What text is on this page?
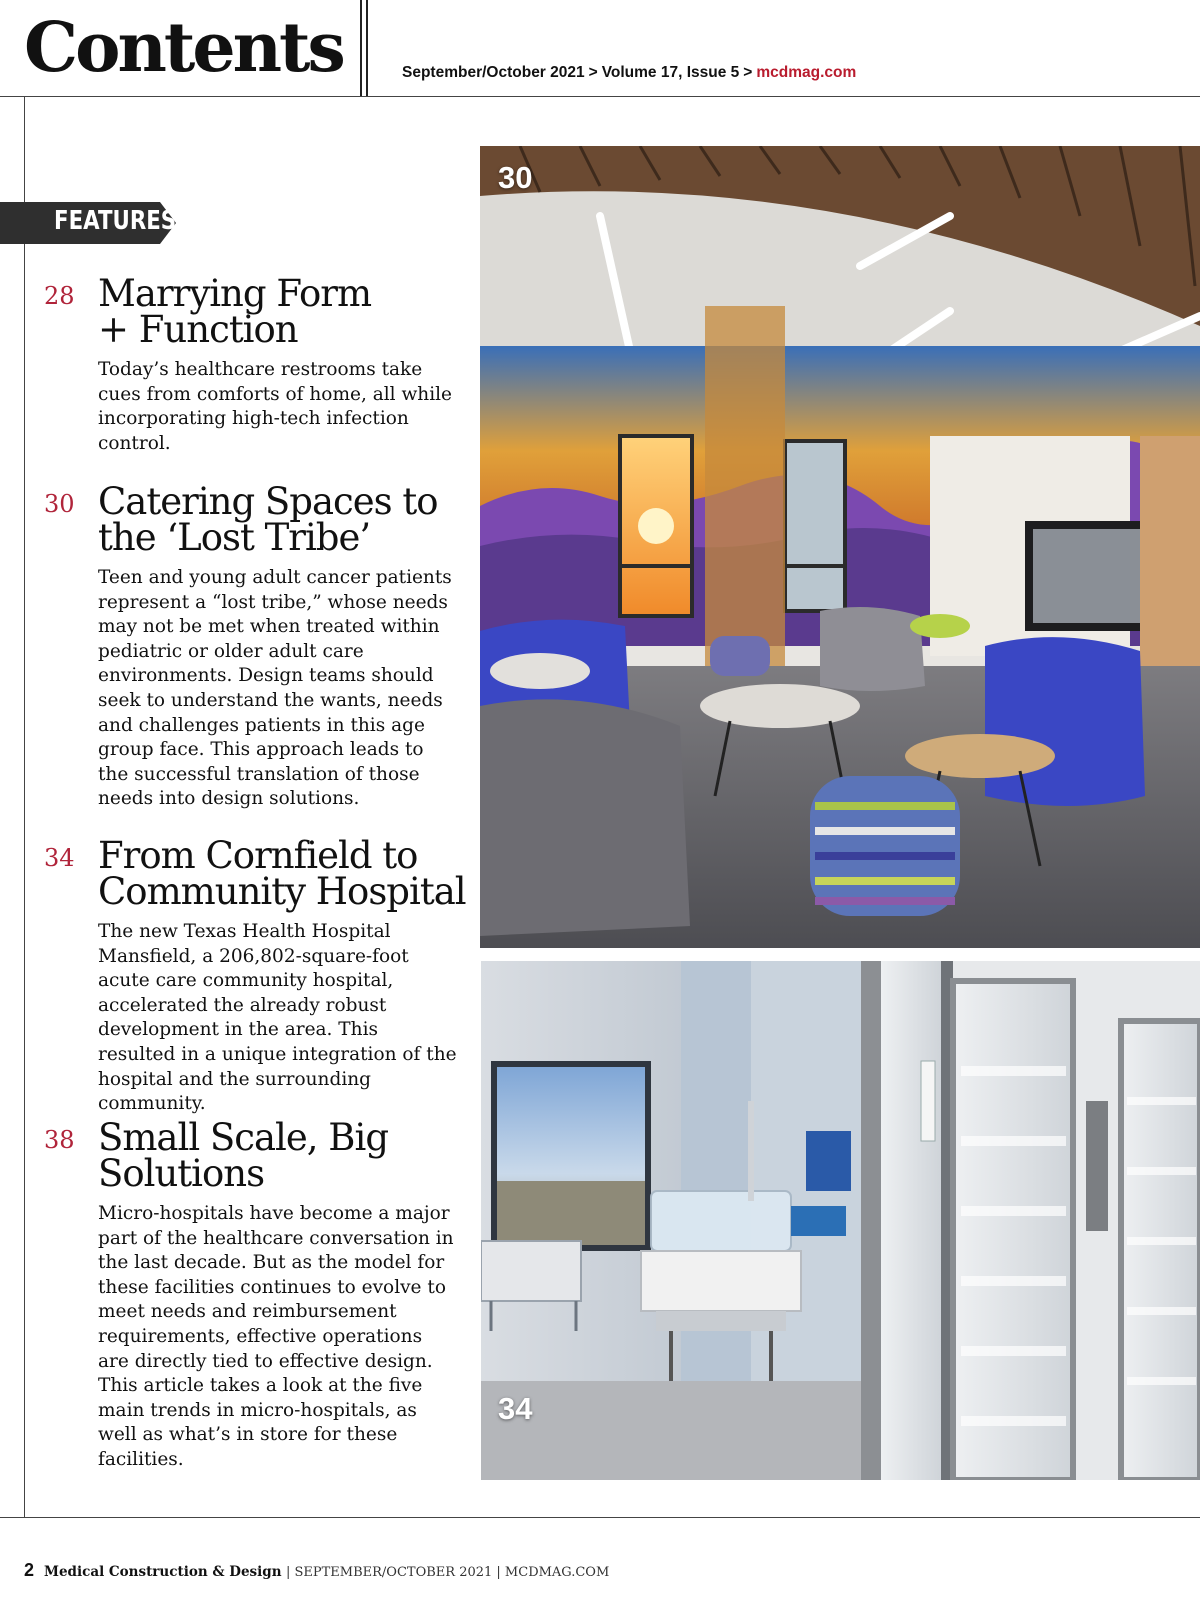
Contents	September/October 2021 > Volume 17, Issue 5 > mcdmag.com
FEATURES
28 Marrying Form
+ Function
Today’s healthcare restrooms take cues from comforts of home, all while incorporating high-tech infection control.
30 Catering Spaces to
the ‘Lost Tribe’
Teen and young adult cancer patients represent a “lost tribe,” whose needs may not be met when treated within pediatric or older adult care environments. Design teams should seek to understand the wants, needs and challenges patients in this age group face. This approach leads to the successful translation of those needs into design solutions.
34 From Cornfield to
Community Hospital
The new Texas Health Hospital Mansfield, a 206,802-square-foot acute care community hospital, accelerated the already robust development in the area. This resulted in a unique integration of the hospital and the surrounding community.
38 Small Scale, Big
Solutions
Micro-hospitals have become a major part of the healthcare conversation in the last decade. But as the model for these facilities continues to evolve to meet needs and reimbursement requirements, effective operations are directly tied to effective design. This article takes a look at the five main trends in micro-hospitals, as well as what’s in store for these facilities.
30
34
2 Medical Construction & Design | SEPTEMBER/OCTOBER 2021 | MCDMAG.COM
